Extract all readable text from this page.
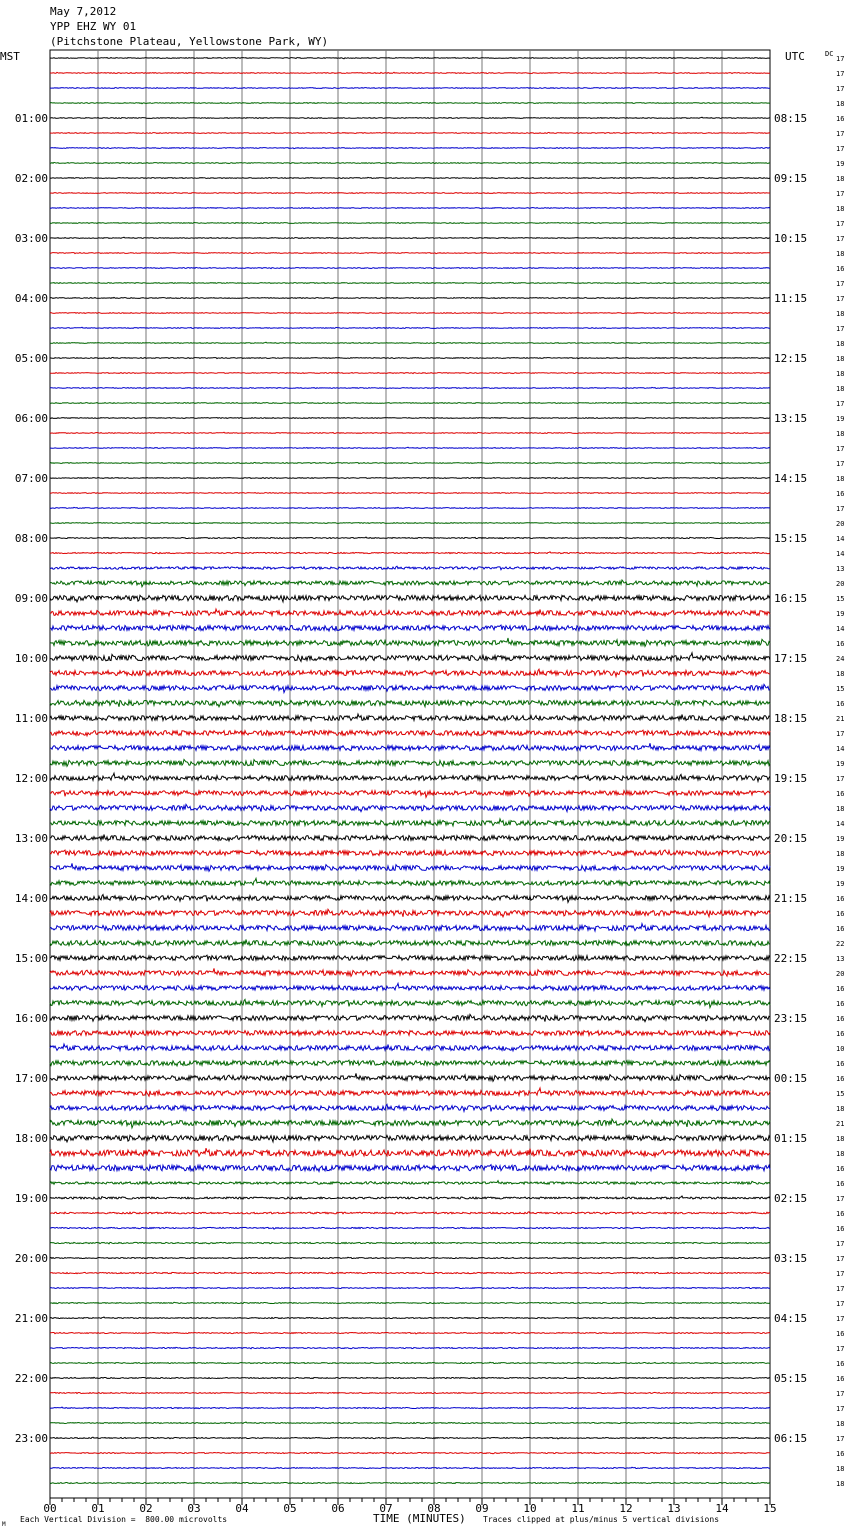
May 7,2012
YPP EHZ WY 01
(Pitchstone Plateau, Yellowstone Park, WY)
00	01	02	03	04	05	06	07	08	09	10	11	12	13	14	15
01:00
02:00
03:00
04:00
05:00
06:00
07:00
08:00
09:00
10:00
11:00
12:00
13:00
14:00
15:00
16:00
17:00
18:00
19:00
20:00
21:00
22:00
23:00
08:15
09:15
10:15
11:15
12:15
13:15
14:15
15:15
16:15
17:15
18:15
19:15
20:15
21:15
22:15
23:15
00:15
01:15
02:15
03:15
04:15
05:15
06:15
17
17
17
18
16
17
17
19
18
17
18
17
17
18
16
17
17
18
17
18
18
18
18
17
19
18
17
17
18
16
17
20
14
14
13
20
15
19
14
16
24
18
15
16
21
17
14
19
17
16
18
14
19
18
19
19
16
16
16
22
13
20
16
16
16
16
10
16
16
15
18
21
18
18
16
16
17
16
16
17
17
17
17
17
17
16
17
16
16
17
17
18
17
16
18
18
MST	UTC	DC
TIME (MINUTES)
M
Each Vertical Division =  800.00 microvolts	Traces clipped at plus/minus 5 vertical divisions
